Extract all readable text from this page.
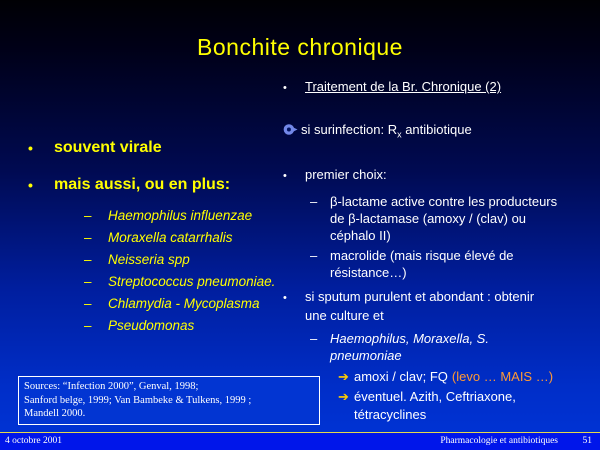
Bonchite chronique
•	souvent virale
•	mais aussi, ou en plus:
–	Haemophilus influenzae
–	Moraxella catarrhalis
–	Neisseria spp
–	Streptococcus pneumoniae.
–	Chlamydia - Mycoplasma
–	Pseudomonas
•	Traitement de la Br. Chronique (2)
si surinfection: $R_x$ antibiotique
•	premier choix:
– β-lactame active contre les producteurs de β-lactamase (amoxy / (clav) ou céphalo II)
– macrolide (mais risque élevé de résistance…)
•	si sputum purulent et abondant : obtenir une culture et
– Haemophilus, Moraxella, S. pneumoniae
➔ amoxi / clav; FQ (levo … MAIS …)
➔ éventuel. Azith, Ceftriaxone, tétracyclines
Sources: “Infection 2000”, Genval, 1998;
Sanford belge, 1999; Van Bambeke & Tulkens, 1999 ;
Mandell 2000.
4 octobre 2001	Pharmacologie et antibiotiques	51
